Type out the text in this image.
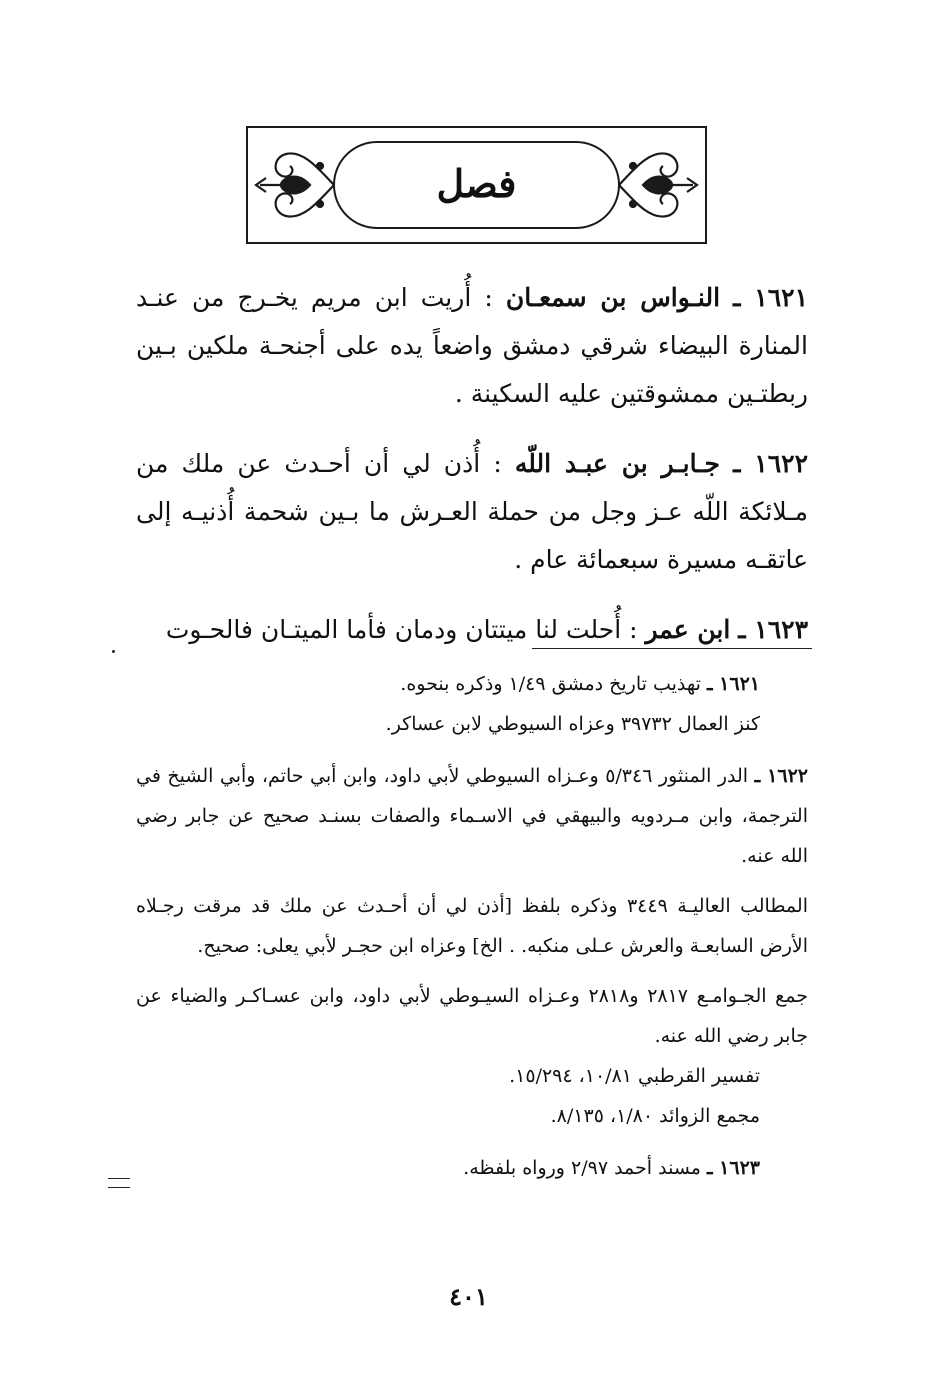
فصل

١٦٢١ ـ النـواس بن سمعـان : أُريت ابن مريم يخـرج من عنـد المنارة البيضاء شرقي دمشق واضعاً يده على أجنحـة ملكين بـين ربطتـين ممشوقتين عليه السكينة .

١٦٢٢ ـ جـابـر بن عبـد اللّه : أُذن لي أن أحـدث عن ملك من مـلائكة اللّه عـز وجل من حملة العـرش ما بـين شحمة أُذنيـه إلى عاتقـه مسيرة سبعمائة عام .

١٦٢٣ ـ ابن عمر : أُحلت لنا ميتتان ودمان فأما الميتـان فالحـوت

١٦٢١ ـ تهذيب تاريخ دمشق ١/٤٩ وذكره بنحوه.

كنز العمال ٣٩٧٣٢ وعزاه السيوطي لابن عساكر.

١٦٢٢ ـ الدر المنثور ٥/٣٤٦ وعـزاه السيوطي لأبي داود، وابن أبي حاتم، وأبي الشيخ في الترجمة، وابن مـردويه والبيهقي في الاسـماء والصفات بسنـد صحيح عن جابر رضي الله عنه.

المطالب العاليـة ٣٤٤٩ وذكره بلفظ [أذن لي أن أحـدث عن ملك قد مرقت رجـلاه الأرض السابعـة والعرش عـلى منكبه. . الخ] وعزاه ابن حجـر لأبي يعلى: صحيح.

جمع الجـوامـع ٢٨١٧ و٢٨١٨ وعـزاه السيـوطي لأبي داود، وابن عسـاكـر والضياء عن جابر رضي الله عنه.

تفسير القرطبي ١٠/٨١، ١٥/٢٩٤.

مجمع الزوائد ١/٨٠، ٨/١٣٥.

١٦٢٣ ـ مسند أحمد ٢/٩٧ ورواه بلفظه.

٤٠١
